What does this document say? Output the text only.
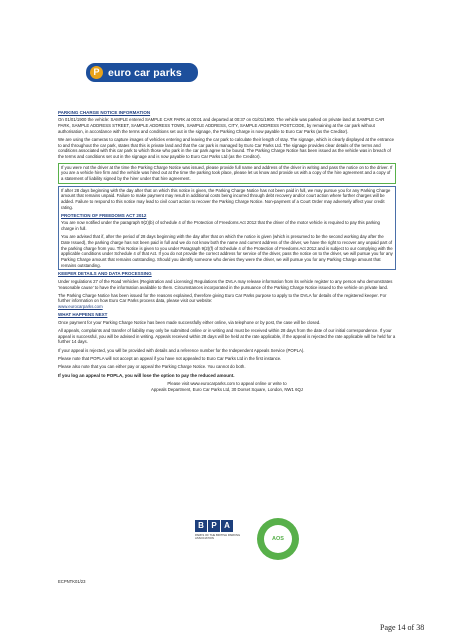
P euro car parks
PARKING CHARGE NOTICE INFORMATION

On 01/01/1900 the vehicle: SAMPLE entered SAMPLE CAR PARK at 00:01 and departed at 00:37 on 01/01/1900. The vehicle was parked on private land at SAMPLE CAR PARK, SAMPLE ADDRESS STREET, SAMPLE ADDRESS TOWN, SAMPLE ADDRESS, CITY, SAMPLE ADDRESS POSTCODE, by remaining at the car park without authorisation, in accordance with the terms and conditions set out in the signage, the Parking Charge is now payable to Euro Car Parks (as the Creditor).

We are using the cameras to capture images of vehicles entering and leaving the car park to calculate their length of stay. The signage, which is clearly displayed at the entrance to and throughout the car park, states that this is private land and that the car park is managed by Euro Car Parks Ltd. The signage provides clear details of the terms and conditions associated with this car park to which those who park in the car park agree to be bound. The Parking Charge Notice has been issued as the vehicle was in breach of the terms and conditions set out in the signage and is now payable to Euro Car Parks Ltd (as the Creditor).

If you were not the driver at the time the Parking Charge Notice was issued, please provide full name and address of the driver in writing and pass the notice on to the driver. If you are a vehicle hire firm and the vehicle was hired out at the time the parking took place, please let us know and provide us with a copy of the hire agreement and a copy of a statement of liability signed by the hirer under that hire agreement.

If after 28 days beginning with the day after that on which this notice is given, the Parking Charge Notice has not been paid in full, we may pursue you for any Parking Charge amount that remains unpaid. Failure to make payment may result in additional costs being incurred through debt recovery and/or court action where further charges will be added. Failure to respond to this notice may lead to civil court action to recover the Parking Charge Notice. Non-payment of a Court Order may adversely affect your credit rating.

PROTECTION OF FREEDOMS ACT 2012

You are now notified under the paragraph 9(2)(b) of schedule 4 of the Protection of Freedoms Act 2012 that the driver of the motor vehicle is required to pay this parking charge in full.

You are advised that if, after the period of 28 days beginning with the day after that on which the notice is given (which is presumed to be the second working day after the Date Issued), the parking charge has not been paid in full and we do not know both the name and current address of the driver, we have the right to recover any unpaid part of the parking charge from you. This Notice is given to you under Paragraph 9(2)(f) of Schedule 4 of the Protection of Freedoms Act 2012 and is subject to our complying with the applicable conditions under Schedule 4 of that Act. If you do not provide the correct address for service of the driver, pass the notice on to the driver, we will pursue you for any Parking Charge amount that remains outstanding. Should you identify someone who denies they were the driver, we will pursue you for any Parking Charge amount that remains outstanding.

KEEPER DETAILS AND DATA PROCESSING

Under regulations 27 of the Road Vehicles (Registration and Licensing) Regulations the DVLA may release information from its vehicle register to any person who demonstrates 'reasonable cause' to have the information available to them. Circumstances incorporated in the pursuance of the Parking Charge Notice issued to the vehicle on private land.

The Parking Charge Notice has been issued for the reasons explained, therefore giving Euro Car Parks purpose to apply to the DVLA for details of the registered keeper. For further information on how Euro Car Parks process data, please visit our website:
www.eurocarparks.com

WHAT HAPPENS NEXT

Once payment for your Parking Charge Notice has been made successfully either online, via telephone or by post, the case will be closed.

All appeals, complaints and transfer of liability may only be submitted online or in writing and must be received within 28 days from the date of our initial correspondence. If your appeal is successful, you will be advised in writing. Appeals received within 28 days will be held at the rate applicable, if the appeal is rejected the rate applicable will be held for a further 14 days.

If your appeal is rejected, you will be provided with details and a reference number for the Independent Appeals Service (POPLA).

Please note that POPLA will not accept an appeal if you have not appealed to Euro Car Parks Ltd in the first instance.

Please also note that you can either pay or appeal the Parking Charge Notice. You cannot do both.

If you log an appeal to POPLA, you will lose the option to pay the reduced amount.

Please visit www.eurocarparks.com to appeal online or write to
Appeals Department, Euro Car Parks Ltd, 30 Dorset Square, London, NW1 6QJ
B P A
PARKS OF THE BRITISH PARKING ASSOCIATION	AOS
ECPNTK01/23
Page 14 of 38
